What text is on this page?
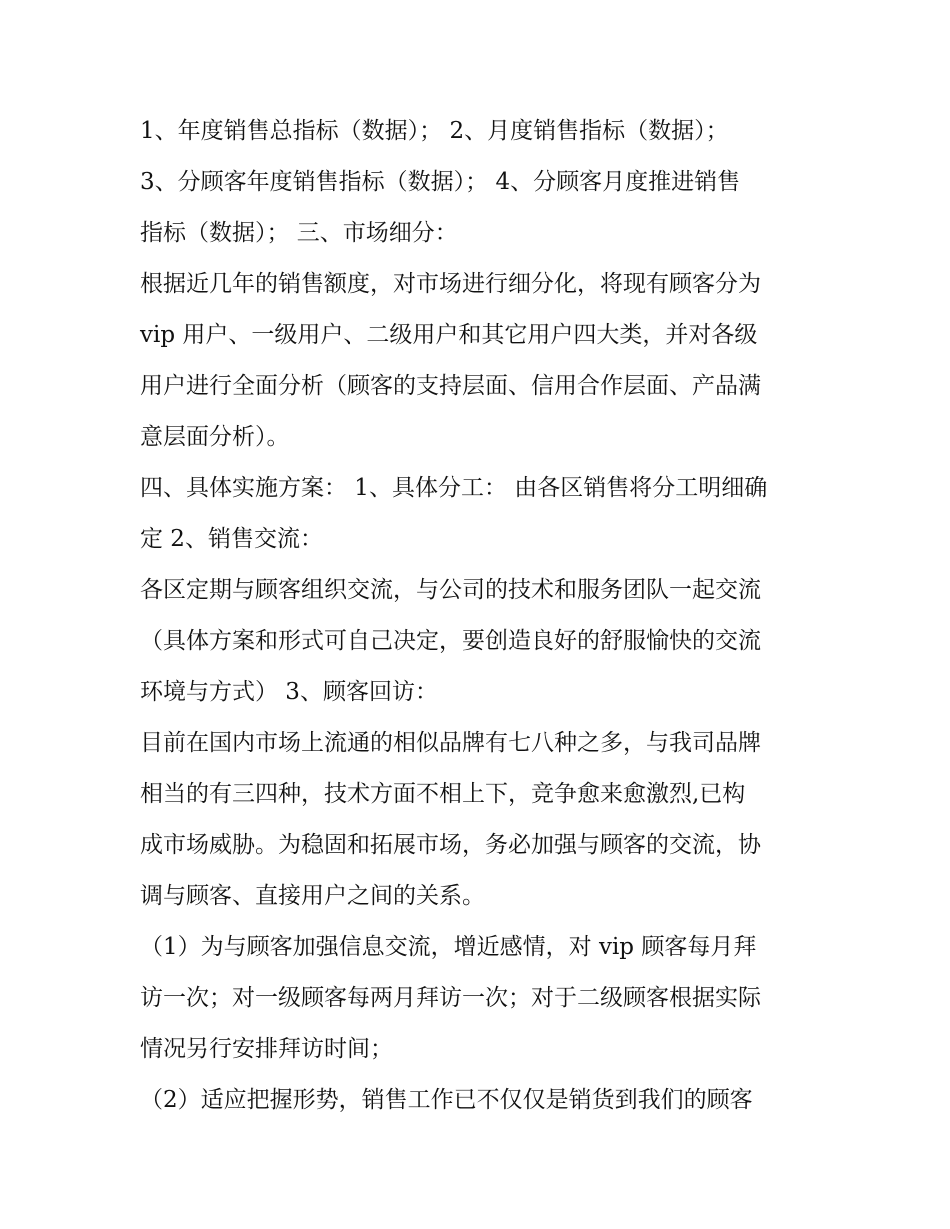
1、年度销售总指标（数据）； 2、月度销售指标（数据）；

3、分顾客年度销售指标（数据）； 4、分顾客月度推进销售

指标（数据）； 三、市场细分：

根据近几年的销售额度，对市场进行细分化，将现有顾客分为

vip 用户、一级用户、二级用户和其它用户四大类，并对各级

用户进行全面分析（顾客的支持层面、信用合作层面、产品满

意层面分析）。

四、具体实施方案： 1、具体分工： 由各区销售将分工明细确

定 2、销售交流：

各区定期与顾客组织交流，与公司的技术和服务团队一起交流

（具体方案和形式可自己决定，要创造良好的舒服愉快的交流

环境与方式） 3、顾客回访：

目前在国内市场上流通的相似品牌有七八种之多，与我司品牌

相当的有三四种，技术方面不相上下，竞争愈来愈激烈,已构

成市场威胁。为稳固和拓展市场，务必加强与顾客的交流，协

调与顾客、直接用户之间的关系。

（1）为与顾客加强信息交流，增近感情，对 vip 顾客每月拜

访一次；对一级顾客每两月拜访一次；对于二级顾客根据实际

情况另行安排拜访时间；

（2）适应把握形势，销售工作已不仅仅是销货到我们的顾客
